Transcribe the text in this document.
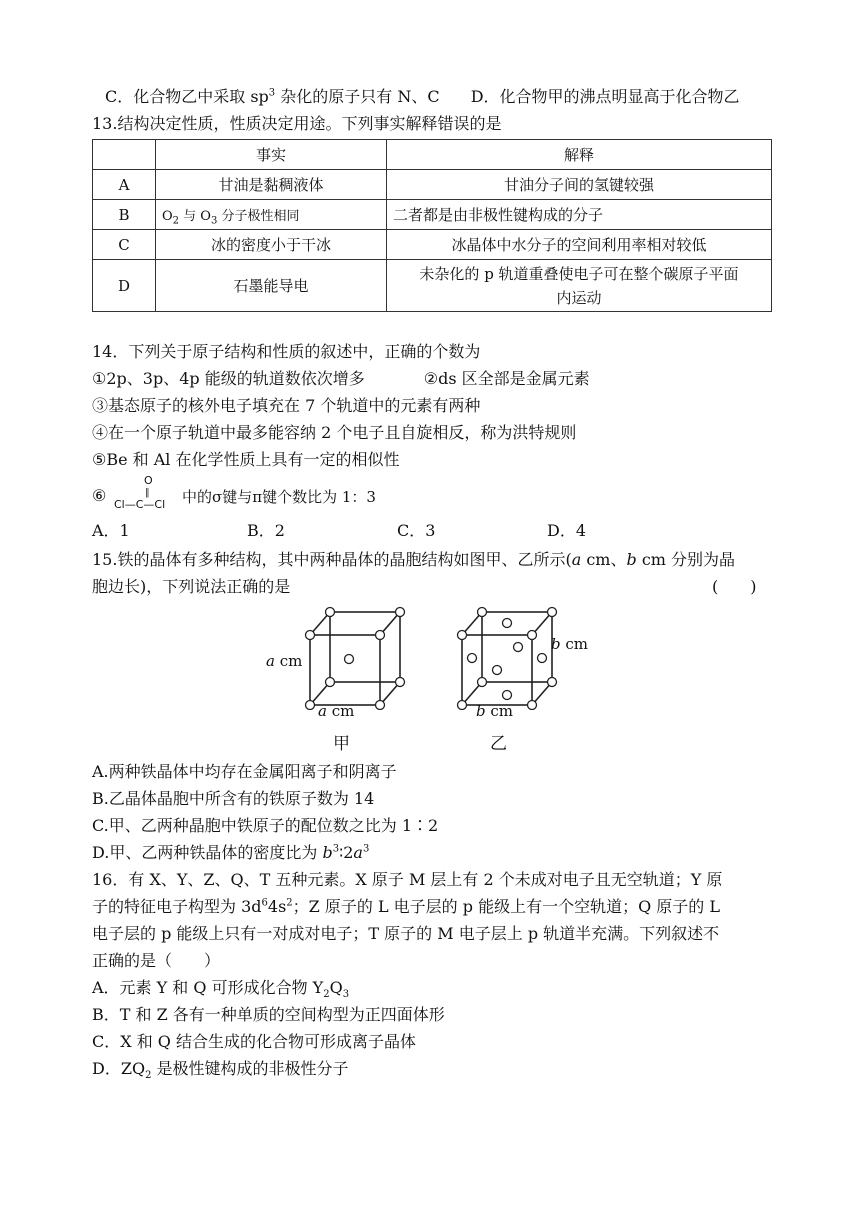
C．化合物乙中采取 $sp^3$ 杂化的原子只有 N、C D．化合物甲的沸点明显高于化合物乙
13.结构决定性质，性质决定用途。下列事实解释错误的是
	事实	解释
A	甘油是黏稠液体	甘油分子间的氢键较强
B	$O_2$ 与 $O_3$ 分子极性相同	二者都是由非极性键构成的分子
C	冰的密度小于干冰	冰晶体中水分子的空间利用率相对较低
D	石墨能导电	未杂化的 p 轨道重叠使电子可在整个碳原子平面
内运动
14．下列关于原子结构和性质的叙述中，正确的个数为
①2p、3p、4p 能级的轨道数依次增多	②ds 区全部是金属元素
③基态原子的核外电子填充在 7 个轨道中的元素有两种
④在一个原子轨道中最多能容纳 2 个电子且自旋相反，称为洪特规则
⑤Be 和 Al 在化学性质上具有一定的相似性
⑥
O
‖
Cl—C—Cl 中的σ键与π键个数比为 1：3
A．1	B．2	C．3	D．4
15.铁的晶体有多种结构，其中两种晶体的晶胞结构如图甲、乙所示(a cm、b cm 分别为晶
胞边长)，下列说法正确的是	(　　)
a cm
a cm
甲
b cm
b cm
乙
A.两种铁晶体中均存在金属阳离子和阴离子
B.乙晶体晶胞中所含有的铁原子数为 14
C.甲、乙两种晶胞中铁原子的配位数之比为 1∶2
D.甲、乙两种铁晶体的密度比为 $b^3∶2a^3$
16．有 X、Y、Z、Q、T 五种元素。X 原子 M 层上有 2 个未成对电子且无空轨道；Y 原
子的特征电子构型为 $3d^64s^2$；Z 原子的 L 电子层的 p 能级上有一个空轨道；Q 原子的 L
电子层的 p 能级上只有一对成对电子；T 原子的 M 电子层上 p 轨道半充满。下列叙述不
正确的是（　　）
A．元素 Y 和 Q 可形成化合物 $Y_2Q_3$
B．T 和 Z 各有一种单质的空间构型为正四面体形
C．X 和 Q 结合生成的化合物可形成离子晶体
D．$ZQ_2$ 是极性键构成的非极性分子
